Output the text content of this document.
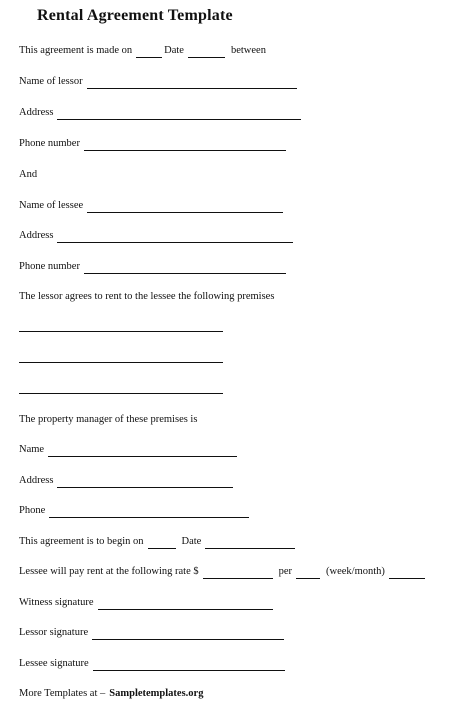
Rental Agreement Template
This agreement is made on	Date	between
Name of lessor
Address
Phone number
And
Name of lessee
Address
Phone number
The lessor agrees to rent to the lessee the following premises
The property manager of these premises is
Name
Address
Phone
This agreement is to begin on	Date
Lessee will pay rent at the following rate $	per	(week/month)
Witness signature
Lessor signature
Lessee signature
More Templates at – Sampletemplates.org
